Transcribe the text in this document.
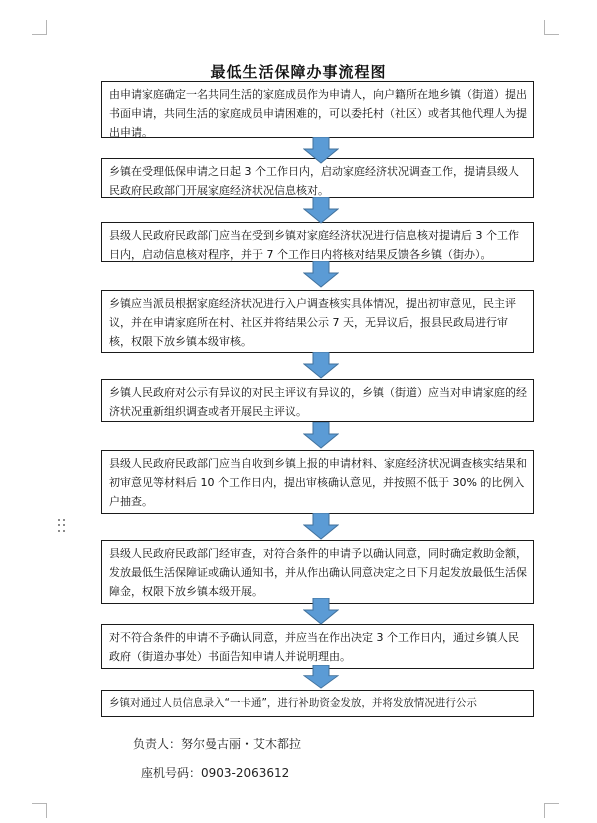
最低生活保障办事流程图
由申请家庭确定一名共同生活的家庭成员作为申请人，向户籍所在地乡镇（街道）提出书面申请，共同生活的家庭成员申请困难的，可以委托村（社区）或者其他代理人为提出申请。
乡镇在受理低保申请之日起 3 个工作日内，启动家庭经济状况调查工作，提请县级人民政府民政部门开展家庭经济状况信息核对。
县级人民政府民政部门应当在受到乡镇对家庭经济状况进行信息核对提请后 3 个工作日内，启动信息核对程序，并于 7 个工作日内将核对结果反馈各乡镇（街办）。
乡镇应当派员根据家庭经济状况进行入户调查核实具体情况，提出初审意见，民主评议，并在申请家庭所在村、社区并将结果公示 7 天，无异议后，报县民政局进行审核，权限下放乡镇本级审核。
乡镇人民政府对公示有异议的对民主评议有异议的，乡镇（街道）应当对申请家庭的经济状况重新组织调查或者开展民主评议。
县级人民政府民政部门应当自收到乡镇上报的申请材料、家庭经济状况调查核实结果和初审意见等材料后 10 个工作日内，提出审核确认意见，并按照不低于 30% 的比例入户抽查。
县级人民政府民政部门经审查，对符合条件的申请予以确认同意，同时确定救助金额，发放最低生活保障证或确认通知书，并从作出确认同意决定之日下月起发放最低生活保障金，权限下放乡镇本级开展。
对不符合条件的申请不予确认同意，并应当在作出决定 3 个工作日内，通过乡镇人民政府（街道办事处）书面告知申请人并说明理由。
乡镇对通过人员信息录入“一卡通”，进行补助资金发放，并将发放情况进行公示
负责人：努尔曼古丽・艾木都拉
座机号码：0903-2063612
